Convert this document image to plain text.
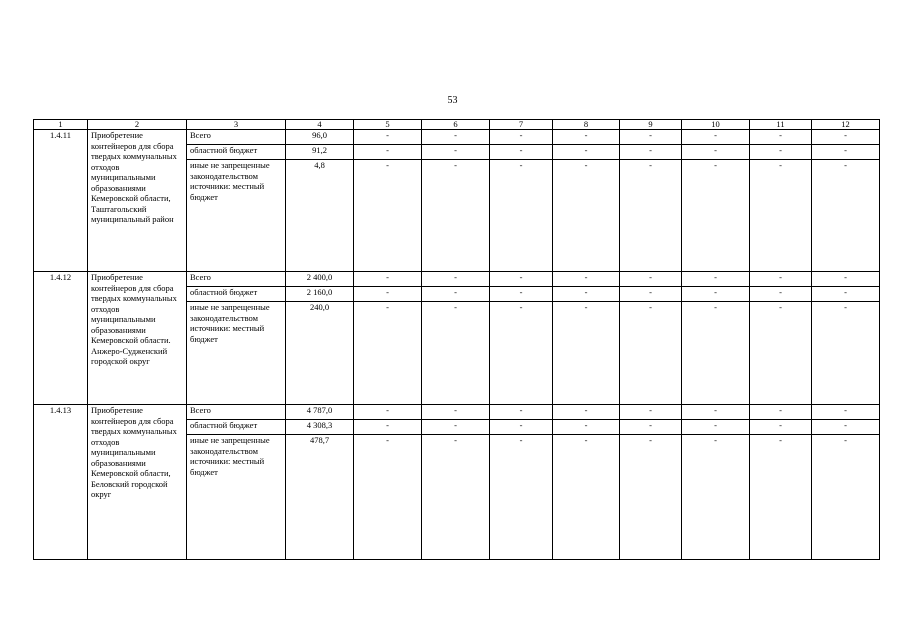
53
1	2	3	4	5	6	7	8	9	10	11	12
1.4.11	Приобретение контейнеров для сбора твердых коммунальных отходов муниципальными образованиями Кемеровской области, Таштагольский муниципальный район	Всего	96,0	-	-	-	-	-	-	-	-
		областной бюджет	91,2	-	-	-	-	-	-	-	-
		иные не запрещенные законодательством источники: местный бюджет	4,8	-	-	-	-	-	-	-	-
1.4.12	Приобретение контейнеров для сбора твердых коммунальных отходов муниципальными образованиями Кемеровской области. Анжеро-Судженский городской округ	Всего	2 400,0	-	-	-	-	-	-	-	-
		областной бюджет	2 160,0	-	-	-	-	-	-	-	-
		иные не запрещенные законодательством источники: местный бюджет	240,0	-	-	-	-	-	-	-	-
1.4.13	Приобретение контейнеров для сбора твердых коммунальных отходов муниципальными образованиями Кемеровской области, Беловский городской округ	Всего	4 787,0	-	-	-	-	-	-	-	-
		областной бюджет	4 308,3	-	-	-	-	-	-	-	-
		иные не запрещенные законодательством источники: местный бюджет	478,7	-	-	-	-	-	-	-	-
